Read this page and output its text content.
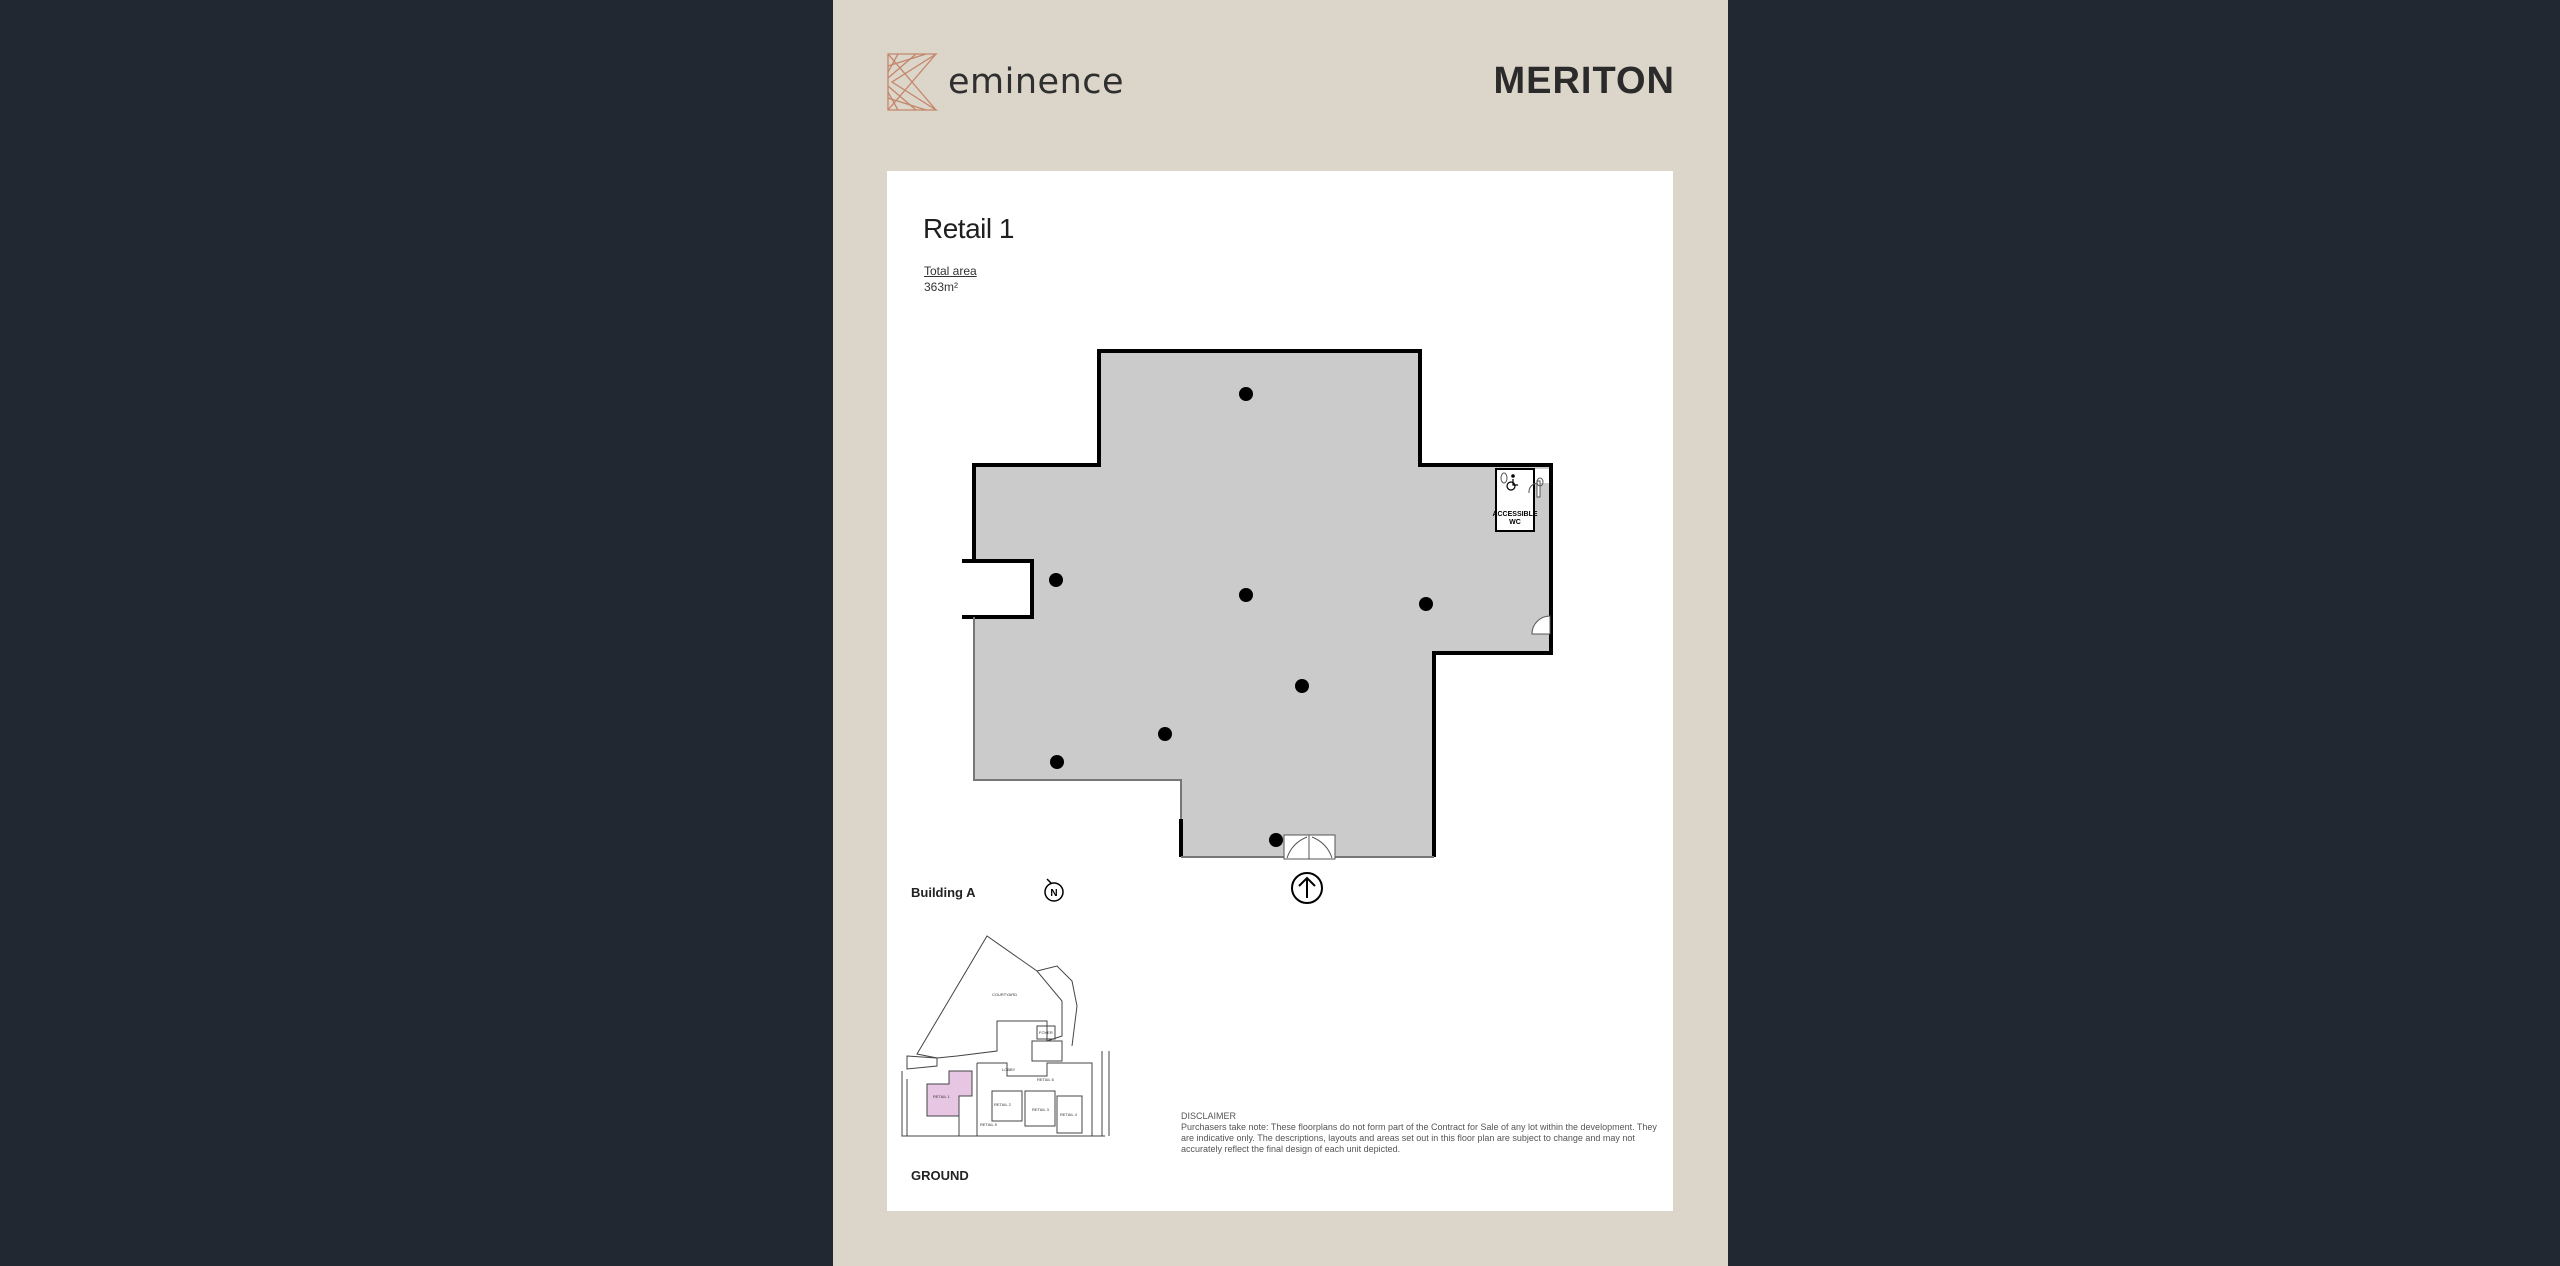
eminence	MERITON
Retail 1
Total area
363m²
ACCESSIBLE
WC
N
Building A
COURTYARD
RETAIL 1
RETAIL 2
RETAIL 3
RETAIL 4
RETAIL 5
RETAIL 6
FOYER
LOBBY
GROUND
DISCLAIMER
Purchasers take note: These floorplans do not form part of the Contract for Sale of any lot within the development. They are indicative only. The descriptions, layouts and areas set out in this floor plan are subject to change and may not accurately reflect the final design of each unit depicted.
